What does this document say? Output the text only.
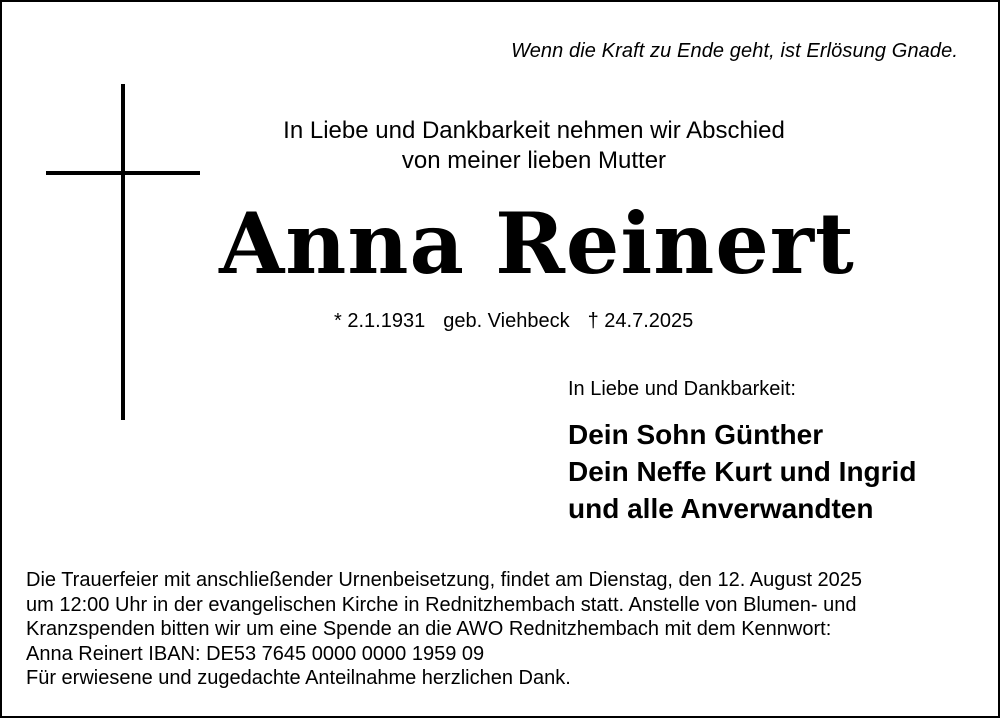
Wenn die Kraft zu Ende geht, ist Erlösung Gnade.
In Liebe und Dankbarkeit nehmen wir Abschied
von meiner lieben Mutter
Anna Reinert
* 2.1.1931 geb. Viehbeck † 24.7.2025
In Liebe und Dankbarkeit:
Dein Sohn Günther
Dein Neffe Kurt und Ingrid
und alle Anverwandten
Die Trauerfeier mit anschließender Urnenbeisetzung, findet am Dienstag, den 12. August 2025
um 12:00 Uhr in der evangelischen Kirche in Rednitzhembach statt. Anstelle von Blumen- und
Kranzspenden bitten wir um eine Spende an die AWO Rednitzhembach mit dem Kennwort:
Anna Reinert IBAN: DE53 7645 0000 0000 1959 09
Für erwiesene und zugedachte Anteilnahme herzlichen Dank.
